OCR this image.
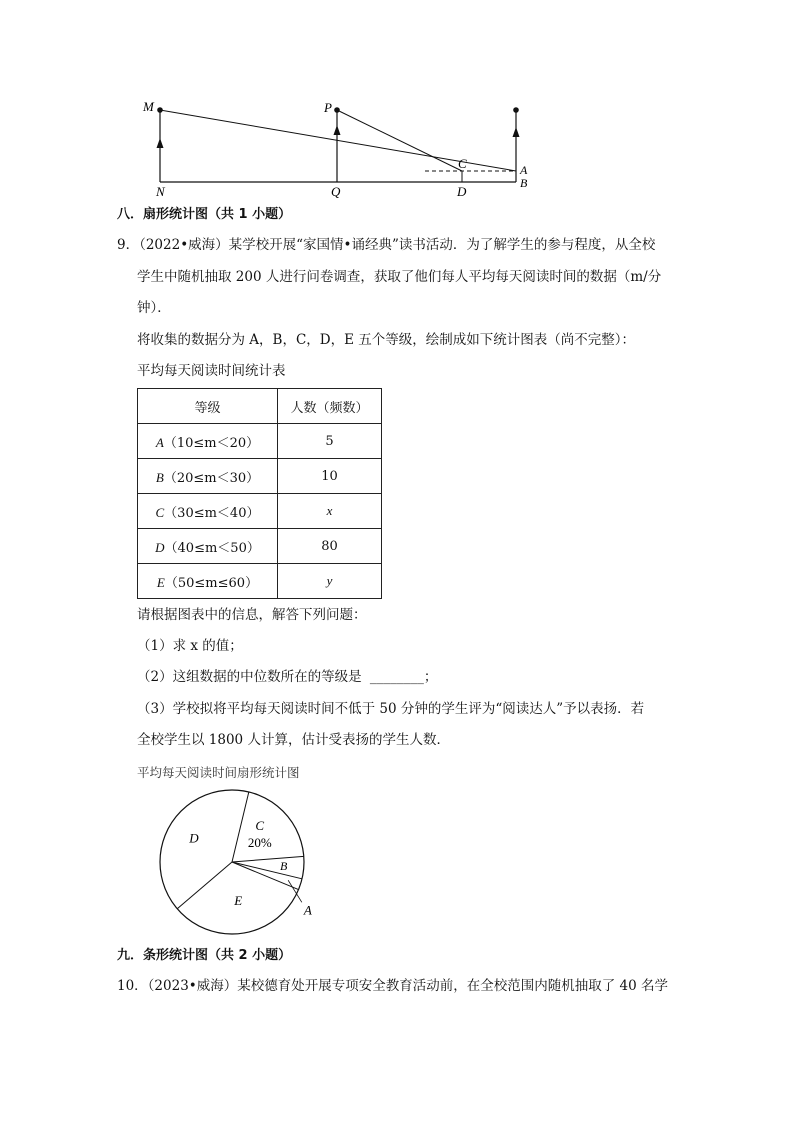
M
N
P
Q
C
D
A
B
八．扇形统计图（共 1 小题）
9．（2022•威海）某学校开展“家国情•诵经典”读书活动．为了解学生的参与程度，从全校
学生中随机抽取 200 人进行问卷调查，获取了他们每人平均每天阅读时间的数据（m/分
钟）．
将收集的数据分为 A，B，C，D，E 五个等级，绘制成如下统计图表（尚不完整）：
平均每天阅读时间统计表
等级	人数（频数）
A（10≤m＜20）	5
B（20≤m＜30）	10
C（30≤m＜40）	x
D（40≤m＜50）	80
E（50≤m≤60）	y
请根据图表中的信息，解答下列问题：
（1）求 x 的值；
（2）这组数据的中位数所在的等级是 ________；
（3）学校拟将平均每天阅读时间不低于 50 分钟的学生评为“阅读达人”予以表扬．若
全校学生以 1800 人计算，估计受表扬的学生人数．
平均每天阅读时间扇形统计图
C
20%
B
A
E
D
九．条形统计图（共 2 小题）
10．（2023•威海）某校德育处开展专项安全教育活动前，在全校范围内随机抽取了 40 名学
